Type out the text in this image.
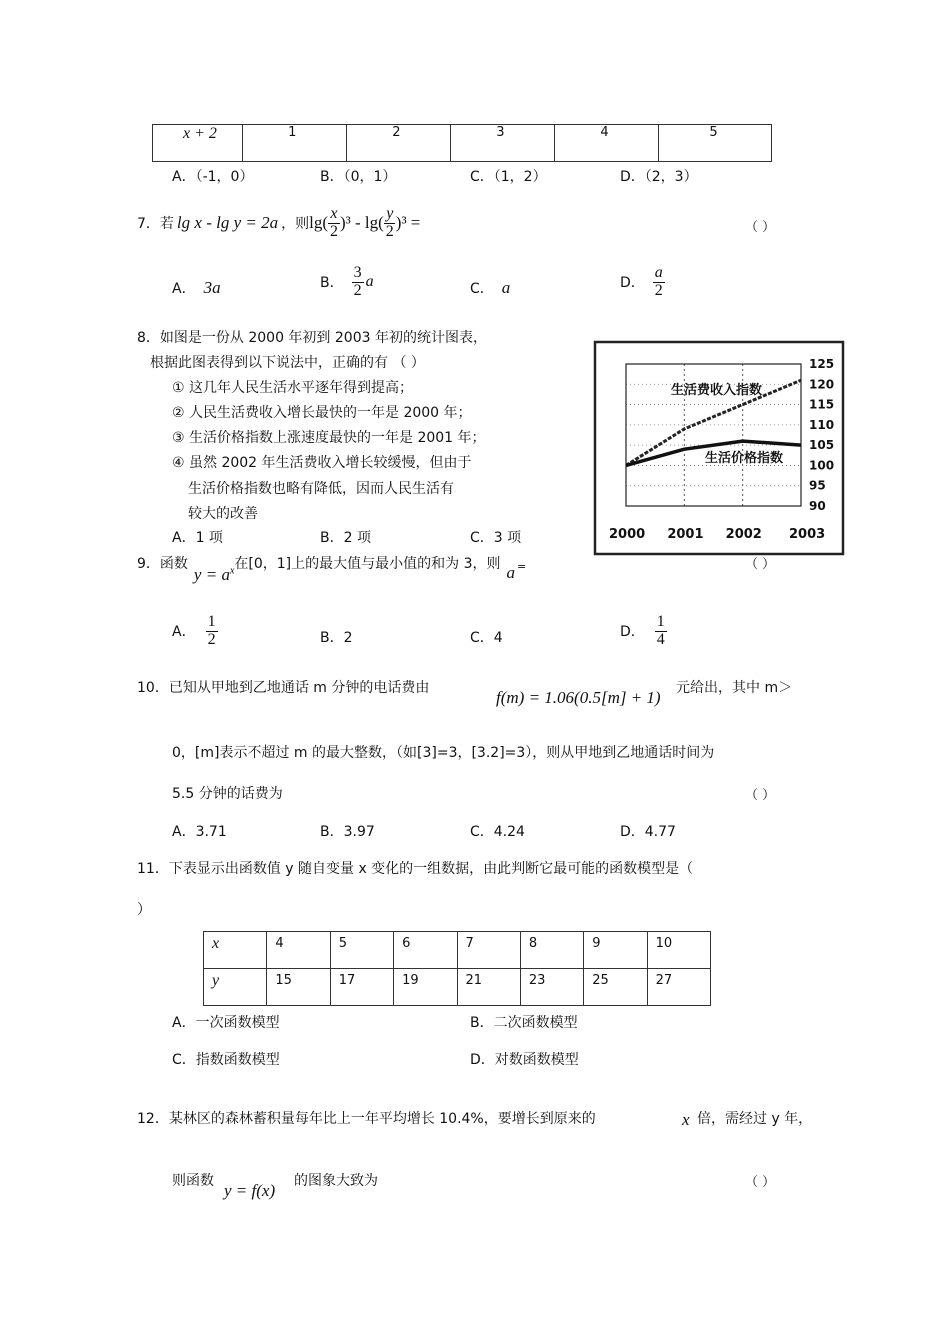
x + 2	1	2	3	4	5
A．（-1，0）	B．（0，1）	C．（1，2）	D．（2，3）
7． 若 lg x - lg y = 2a ，则 $\lg( \frac{x}{2} )^3 - \lg( \frac{y}{2} )^3$ =	（ ）
A． 3a	B． $\frac{3}{2}$ a	C． a	D． $\frac{a}{2}$
8．如图是一份从 2000 年初到 2003 年初的统计图表，
根据此图表得到以下说法中，正确的有 （ ）
① 这几年人民生活水平逐年得到提高；
② 人民生活费收入增长最快的一年是 2000 年；
③ 生活价格指数上涨速度最快的一年是 2001 年；
④ 虽然 2002 年生活费收入增长较缓慢，但由于
生活价格指数也略有降低，因而人民生活有
较大的改善
A．1 项	B．2 项	C．3 项
90
95
100
105
110
115
120
125
2000 2001 2002 2003
生活费收入指数
生活价格指数
9．函数
$y = a^x$ 在[0，1]上的最大值与最小值的和为 3，则 a =	（ ）
A． $\frac{1}{2}$	B．2	C．4	D． $\frac{1}{4}$
10．已知从甲地到乙地通话 m 分钟的电话费由	f(m) = 1.06(0.5[m] + 1) 元给出，其中 m＞
0，[m]表示不超过 m 的最大整数，（如[3]=3，[3.2]=3），则从甲地到乙地通话时间为
5.5 分钟的话费为	（ ）
A．3.71	B．3.97	C．4.24	D．4.77
11．下表显示出函数值 y 随自变量 x 变化的一组数据，由此判断它最可能的函数模型是（
）
x	4	5	6	7	8	9	10
y	15	17	19	21	23	25	27
A．一次函数模型	B．二次函数模型
C．指数函数模型	D．对数函数模型
12．某林区的森林蓄积量每年比上一年平均增长 10.4%，要增长到原来的	x 倍，需经过 y 年，
则函数 y = f(x) 的图象大致为	（ ）
